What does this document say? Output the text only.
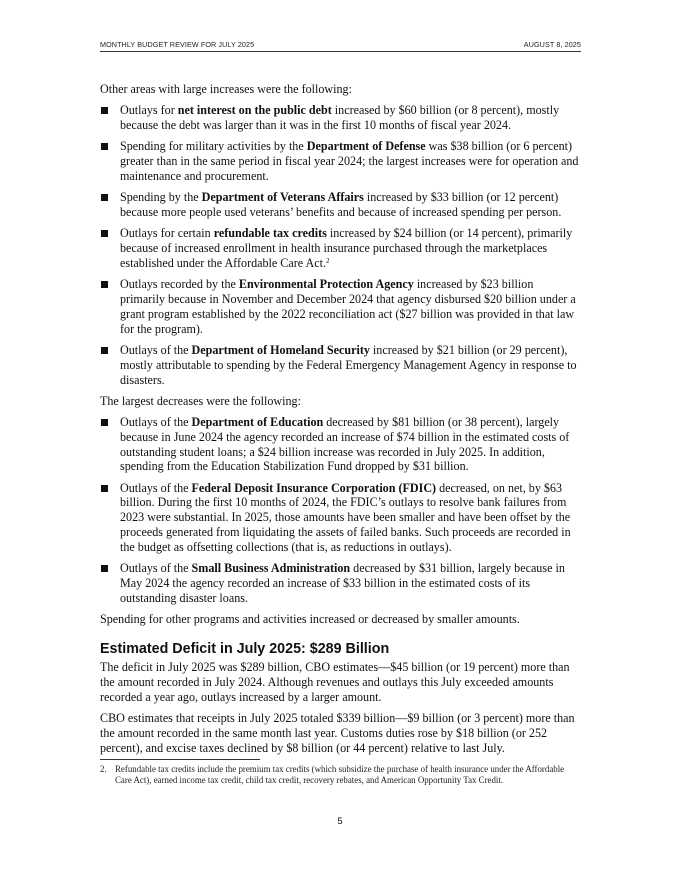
MONTHLY BUDGET REVIEW FOR JULY 2025	AUGUST 8, 2025

Other areas with large increases were the following:

Outlays for net interest on the public debt increased by $60 billion (or 8 percent), mostly because the debt was larger than it was in the first 10 months of fiscal year 2024.
Spending for military activities by the Department of Defense was $38 billion (or 6 percent) greater than in the same period in fiscal year 2024; the largest increases were for operation and maintenance and procurement.
Spending by the Department of Veterans Affairs increased by $33 billion (or 12 percent) because more people used veterans’ benefits and because of increased spending per person.
Outlays for certain refundable tax credits increased by $24 billion (or 14 percent), primarily because of increased enrollment in health insurance purchased through the marketplaces established under the Affordable Care Act.$^2$
Outlays recorded by the Environmental Protection Agency increased by $23 billion primarily because in November and December 2024 that agency disbursed $20 billion under a grant program established by the 2022 reconciliation act ($27 billion was provided in that law for the program).
Outlays of the Department of Homeland Security increased by $21 billion (or 29 percent), mostly attributable to spending by the Federal Emergency Management Agency in response to disasters.

The largest decreases were the following:

Outlays of the Department of Education decreased by $81 billion (or 38 percent), largely because in June 2024 the agency recorded an increase of $74 billion in the estimated costs of outstanding student loans; a $24 billion increase was recorded in July 2025. In addition, spending from the Education Stabilization Fund dropped by $31 billion.
Outlays of the Federal Deposit Insurance Corporation (FDIC) decreased, on net, by $63 billion. During the first 10 months of 2024, the FDIC’s outlays to resolve bank failures from 2023 were substantial. In 2025, those amounts have been smaller and have been offset by the proceeds generated from liquidating the assets of failed banks. Such proceeds are recorded in the budget as offsetting collections (that is, as reductions in outlays).
Outlays of the Small Business Administration decreased by $31 billion, largely because in May 2024 the agency recorded an increase of $33 billion in the estimated costs of its outstanding disaster loans.

Spending for other programs and activities increased or decreased by smaller amounts.

Estimated Deficit in July 2025: $289 Billion

The deficit in July 2025 was $289 billion, CBO estimates—$45 billion (or 19 percent) more than the amount recorded in July 2024. Although revenues and outlays this July exceeded amounts recorded a year ago, outlays increased by a larger amount.

CBO estimates that receipts in July 2025 totaled $339 billion—$9 billion (or 3 percent) more than the amount recorded in the same month last year. Customs duties rose by $18 billion (or 252 percent), and excise taxes declined by $8 billion (or 44 percent) relative to last July.

2. Refundable tax credits include the premium tax credits (which subsidize the purchase of health insurance under the Affordable Care Act), earned income tax credit, child tax credit, recovery rebates, and American Opportunity Tax Credit.
5
